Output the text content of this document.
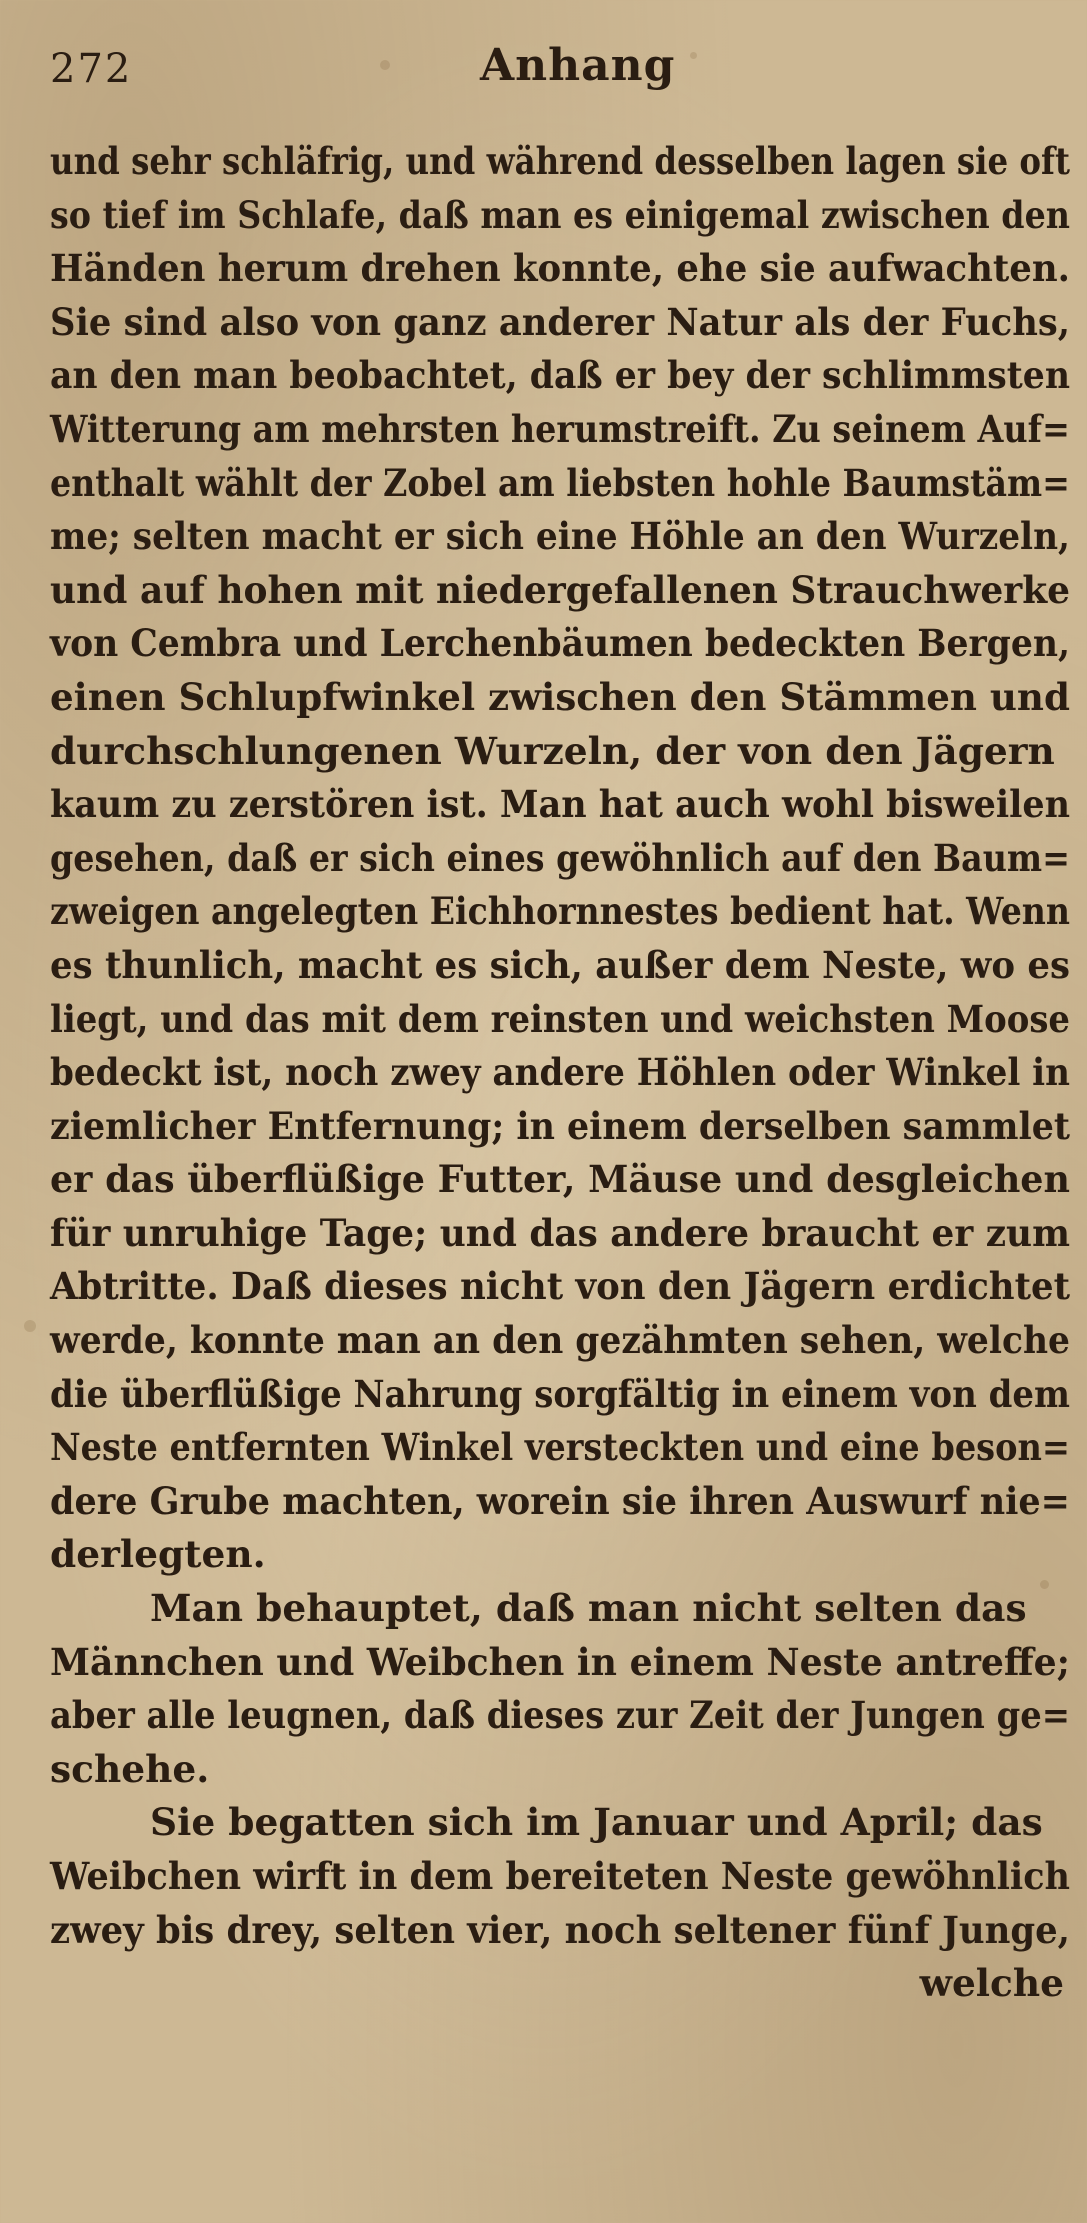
272	Anhang
und sehr schläfrig, und während desselben lagen sie oft
so tief im Schlafe, daß man es einigemal zwischen den
Händen herum drehen konnte, ehe sie aufwachten.
Sie sind also von ganz anderer Natur als der Fuchs,
an den man beobachtet, daß er bey der schlimmsten
Witterung am mehrsten herumstreift. Zu seinem Auf=
enthalt wählt der Zobel am liebsten hohle Baumstäm=
me; selten macht er sich eine Höhle an den Wurzeln,
und auf hohen mit niedergefallenen Strauchwerke
von Cembra und Lerchenbäumen bedeckten Bergen,
einen Schlupfwinkel zwischen den Stämmen und
durchschlungenen Wurzeln, der von den Jägern
kaum zu zerstören ist. Man hat auch wohl bisweilen
gesehen, daß er sich eines gewöhnlich auf den Baum=
zweigen angelegten Eichhornnestes bedient hat. Wenn
es thunlich, macht es sich, außer dem Neste, wo es
liegt, und das mit dem reinsten und weichsten Moose
bedeckt ist, noch zwey andere Höhlen oder Winkel in
ziemlicher Entfernung; in einem derselben sammlet
er das überflüßige Futter, Mäuse und desgleichen
für unruhige Tage; und das andere braucht er zum
Abtritte. Daß dieses nicht von den Jägern erdichtet
werde, konnte man an den gezähmten sehen, welche
die überflüßige Nahrung sorgfältig in einem von dem
Neste entfernten Winkel versteckten und eine beson=
dere Grube machten, worein sie ihren Auswurf nie=
derlegten.
Man behauptet, daß man nicht selten das
Männchen und Weibchen in einem Neste antreffe;
aber alle leugnen, daß dieses zur Zeit der Jungen ge=
schehe.
Sie begatten sich im Januar und April; das
Weibchen wirft in dem bereiteten Neste gewöhnlich
zwey bis drey, selten vier, noch seltener fünf Junge,
welche
